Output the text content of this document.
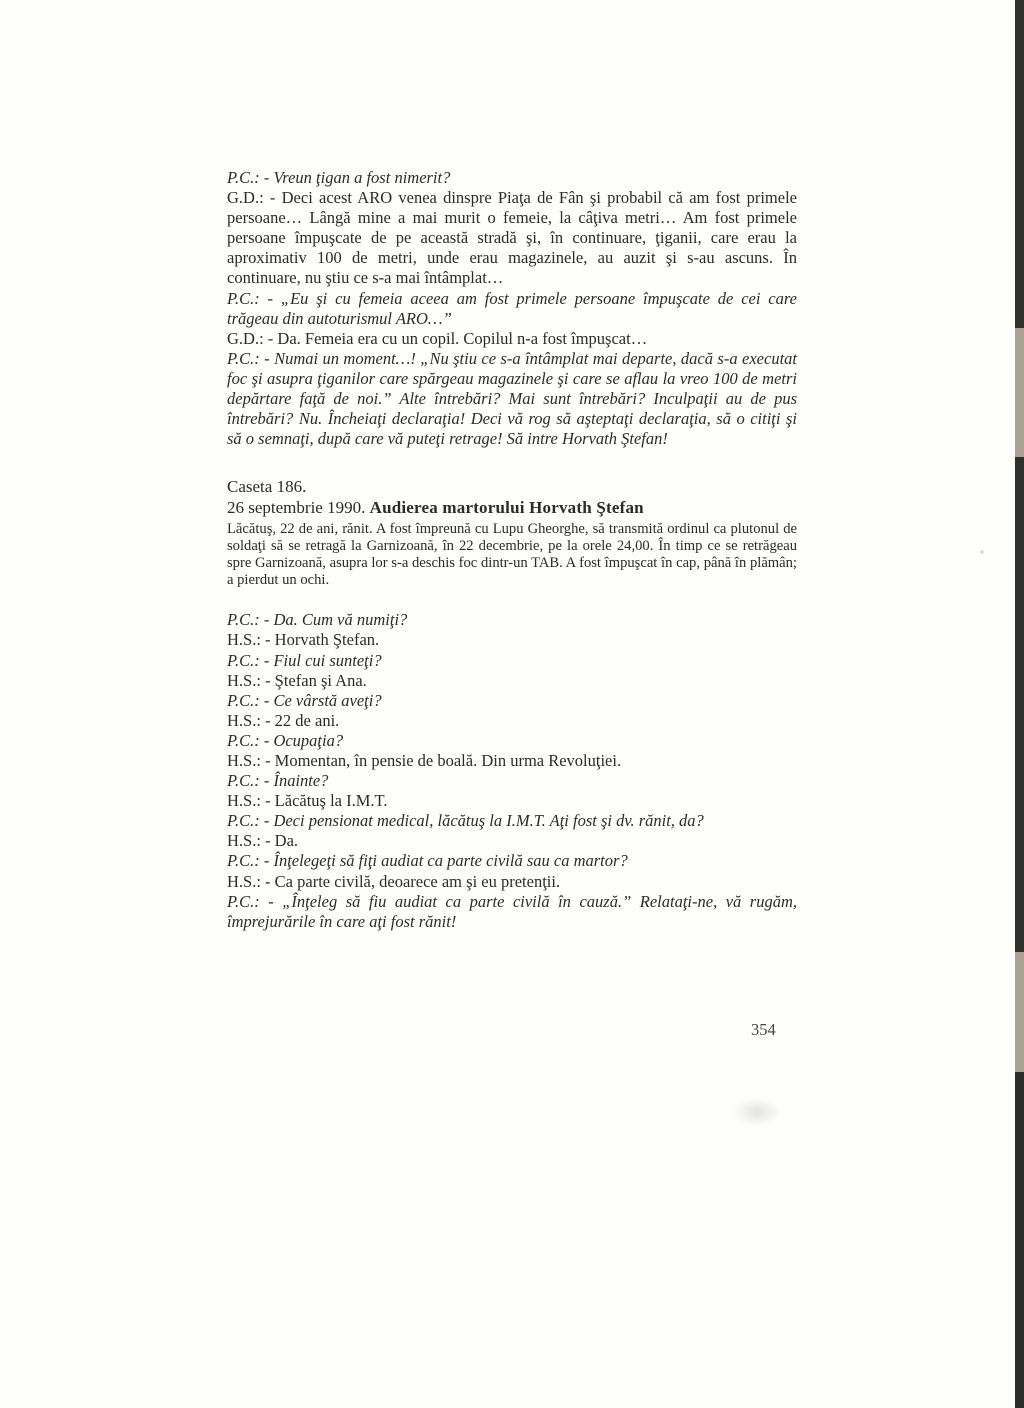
P.C.: - Vreun ţigan a fost nimerit?

G.D.: - Deci acest ARO venea dinspre Piaţa de Fân şi probabil că am fost primele persoane… Lângă mine a mai murit o femeie, la câţiva metri… Am fost primele persoane împuşcate de pe această stradă şi, în continuare, ţiganii, care erau la aproximativ 100 de metri, unde erau magazinele, au auzit şi s-au ascuns. În continuare, nu ştiu ce s-a mai întâmplat…

P.C.: - „Eu şi cu femeia aceea am fost primele persoane împuşcate de cei care trăgeau din autoturismul ARO…”

G.D.: - Da. Femeia era cu un copil. Copilul n-a fost împuşcat…

P.C.: - Numai un moment…! „Nu ştiu ce s-a întâmplat mai departe, dacă s-a executat foc şi asupra ţiganilor care spărgeau magazinele şi care se aflau la vreo 100 de metri depărtare faţă de noi.” Alte întrebări? Mai sunt întrebări? Inculpaţii au de pus întrebări? Nu. Încheiaţi declaraţia! Deci vă rog să aşteptaţi declaraţia, să o citiţi şi să o semnaţi, după care vă puteţi retrage! Să intre Horvath Ştefan!

Caseta 186.

26 septembrie 1990. Audierea martorului Horvath Ştefan

Lăcătuş, 22 de ani, rănit. A fost împreună cu Lupu Gheorghe, să transmită ordinul ca plutonul de soldaţi să se retragă la Garnizoană, în 22 decembrie, pe la orele 24,00. În timp ce se retrăgeau spre Garnizoană, asupra lor s-a deschis foc dintr-un TAB. A fost împuşcat în cap, până în plămân; a pierdut un ochi.

P.C.: - Da. Cum vă numiţi?

H.S.: - Horvath Ştefan.

P.C.: - Fiul cui sunteţi?

H.S.: - Ştefan şi Ana.

P.C.: - Ce vârstă aveţi?

H.S.: - 22 de ani.

P.C.: - Ocupaţia?

H.S.: - Momentan, în pensie de boală. Din urma Revoluţiei.

P.C.: - Înainte?

H.S.: - Lăcătuş la I.M.T.

P.C.: - Deci pensionat medical, lăcătuş la I.M.T. Aţi fost şi dv. rănit, da?

H.S.: - Da.

P.C.: - Înţelegeţi să fiţi audiat ca parte civilă sau ca martor?

H.S.: - Ca parte civilă, deoarece am şi eu pretenţii.

P.C.: - „Înţeleg să fiu audiat ca parte civilă în cauză.” Relataţi-ne, vă rugăm, împrejurările în care aţi fost rănit!

354
